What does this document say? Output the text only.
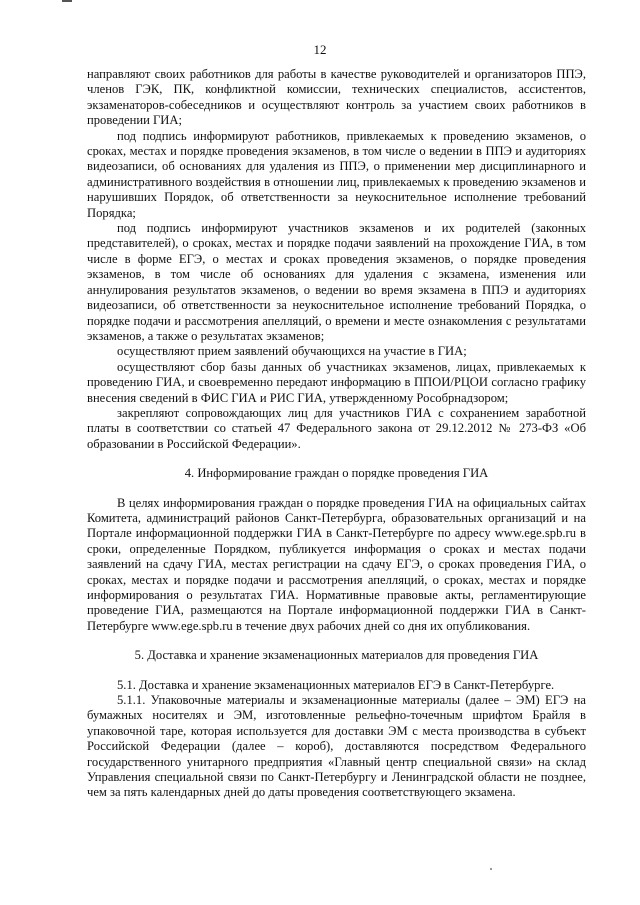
12

направляют своих работников для работы в качестве руководителей и организаторов ППЭ, членов ГЭК, ПК, конфликтной комиссии, технических специалистов, ассистентов, экзаменаторов-собеседников и осуществляют контроль за участием своих работников в проведении ГИА;

под подпись информируют работников, привлекаемых к проведению экзаменов, о сроках, местах и порядке проведения экзаменов, в том числе о ведении в ППЭ и аудиториях видеозаписи, об основаниях для удаления из ППЭ, о применении мер дисциплинарного и административного воздействия в отношении лиц, привлекаемых к проведению экзаменов и нарушивших Порядок, об ответственности за неукоснительное исполнение требований Порядка;

под подпись информируют участников экзаменов и их родителей (законных представителей), о сроках, местах и порядке подачи заявлений на прохождение ГИА, в том числе в форме ЕГЭ, о местах и сроках проведения экзаменов, о порядке проведения экзаменов, в том числе об основаниях для удаления с экзамена, изменения или аннулирования результатов экзаменов, о ведении во время экзамена в ППЭ и аудиториях видеозаписи, об ответственности за неукоснительное исполнение требований Порядка, о порядке подачи и рассмотрения апелляций, о времени и месте ознакомления с результатами экзаменов, а также о результатах экзаменов;

осуществляют прием заявлений обучающихся на участие в ГИА;

осуществляют сбор базы данных об участниках экзаменов, лицах, привлекаемых к проведению ГИА, и своевременно передают информацию в ППОИ/РЦОИ согласно графику внесения сведений в ФИС ГИА и РИС ГИА, утвержденному Рособрнадзором;

закрепляют сопровождающих лиц для участников ГИА с сохранением заработной платы в соответствии со статьей 47 Федерального закона от 29.12.2012 № 273-ФЗ «Об образовании в Российской Федерации».

4. Информирование граждан о порядке проведения ГИА

В целях информирования граждан о порядке проведения ГИА на официальных сайтах Комитета, администраций районов Санкт-Петербурга, образовательных организаций и на Портале информационной поддержки ГИА в Санкт-Петербурге по адресу www.ege.spb.ru в сроки, определенные Порядком, публикуется информация о сроках и местах подачи заявлений на сдачу ГИА, местах регистрации на сдачу ЕГЭ, о сроках проведения ГИА, о сроках, местах и порядке подачи и рассмотрения апелляций, о сроках, местах и порядке информирования о результатах ГИА. Нормативные правовые акты, регламентирующие проведение ГИА, размещаются на Портале информационной поддержки ГИА в Санкт-Петербурге www.ege.spb.ru в течение двух рабочих дней со дня их опубликования.

5. Доставка и хранение экзаменационных материалов для проведения ГИА

5.1. Доставка и хранение экзаменационных материалов ЕГЭ в Санкт-Петербурге.

5.1.1. Упаковочные материалы и экзаменационные материалы (далее – ЭМ) ЕГЭ на бумажных носителях и ЭМ, изготовленные рельефно-точечным шрифтом Брайля в упаковочной таре, которая используется для доставки ЭМ с места производства в субъект Российской Федерации (далее – короб), доставляются посредством Федерального государственного унитарного предприятия «Главный центр специальной связи» на склад Управления специальной связи по Санкт-Петербургу и Ленинградской области не позднее, чем за пять календарных дней до даты проведения соответствующего экзамена.
